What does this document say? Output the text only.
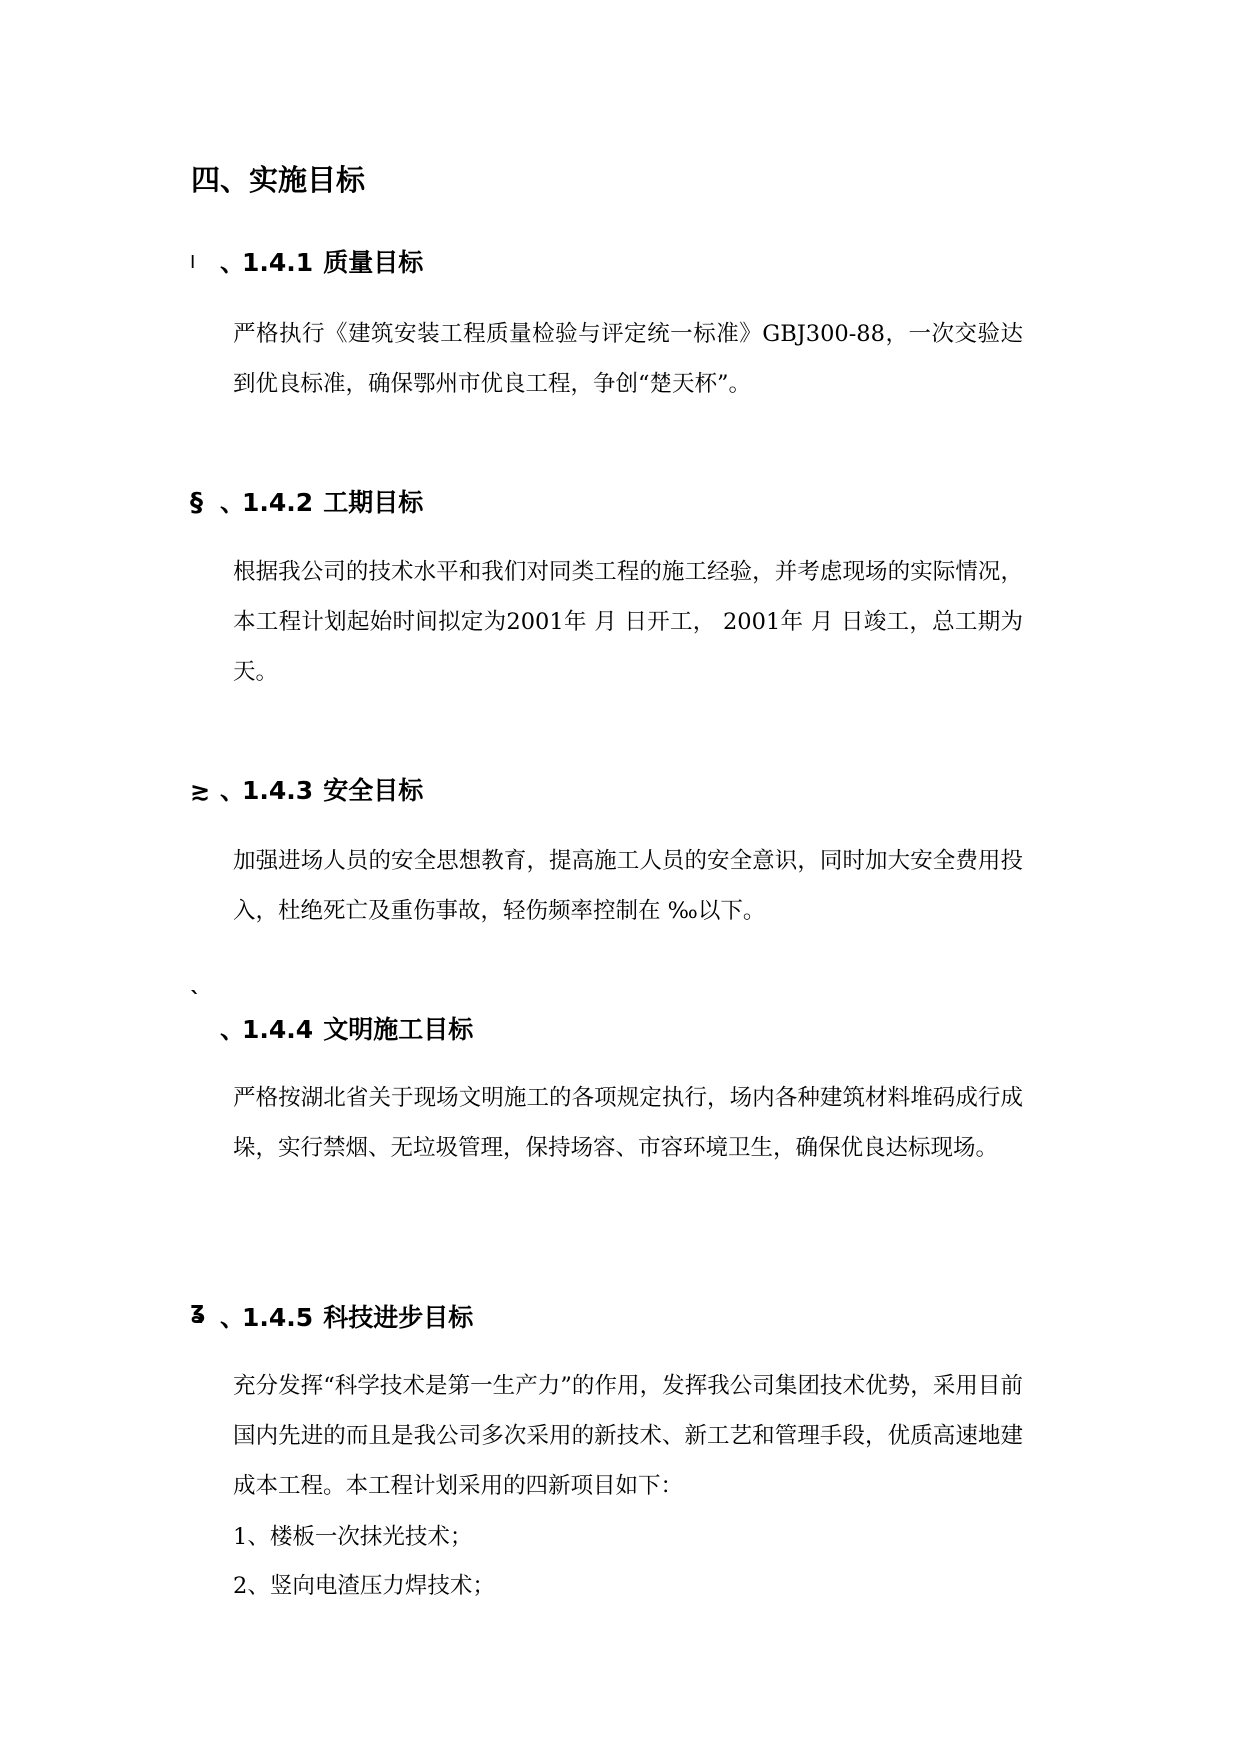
四、实施目标
I 、
1.4.1 质量目标
严格执行《建筑安装工程质量检验与评定统一标准》GBJ300-88，一次交验达到优良标准，确保鄂州市优良工程，争创“楚天杯”。
§ 、
1.4.2 工期目标
根据我公司的技术水平和我们对同类工程的施工经验，并考虑现场的实际情况，本工程计划起始时间拟定为2001年 月 日开工， 2001年 月 日竣工，总工期为 天。
≳ 、
1.4.3 安全目标
加强进场人员的安全思想教育，提高施工人员的安全意识，同时加大安全费用投入，杜绝死亡及重伤事故，轻伤频率控制在 ‰以下。
`
、
1.4.4 文明施工目标
严格按湖北省关于现场文明施工的各项规定执行，场内各种建筑材料堆码成行成垛，实行禁烟、无垃圾管理，保持场容、市容环境卫生，确保优良达标现场。
ʓ 、
1.4.5 科技进步目标
充分发挥“科学技术是第一生产力”的作用，发挥我公司集团技术优势，采用目前国内先进的而且是我公司多次采用的新技术、新工艺和管理手段，优质高速地建成本工程。本工程计划采用的四新项目如下：
1、楼板一次抹光技术；
2、竖向电渣压力焊技术；
